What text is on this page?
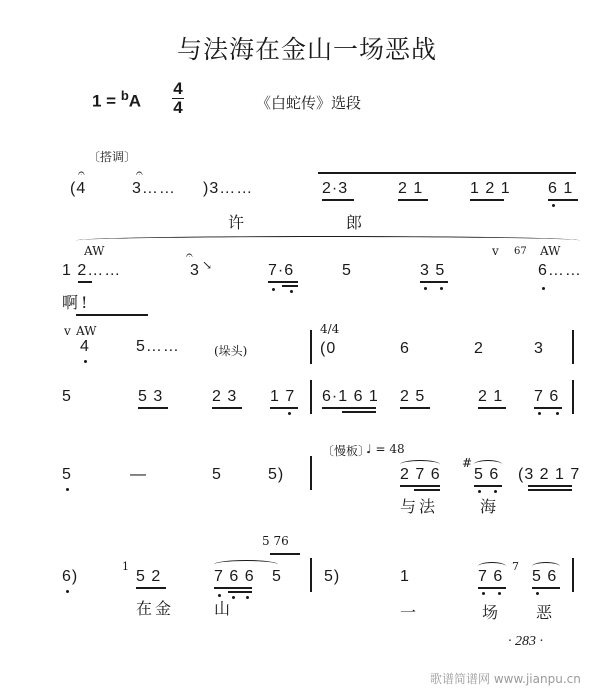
与法海在金山一场恶战
1 = $^b$A
4
4	《白蛇传》选段
〔搭调〕
𝄐	𝄐
(4	3…… )3……	2·3	2 1	1 2 1 6 1
许	郎
AW	𝄐	v 67 AW
1 2……	3 ↘	7·6	5	3 5	6……
啊!
v AW	4/4
4	5……	(垛头)	(0	6	2	3
5	5 3	2 3 1 7 6·1 6 1 2 5	2 1 7 6
〔慢板〕
♩ = 48
#
5	—	5	5)	2 7 6 5 6 (3 2 1 7
与法	海
5 76
1	7
6)	5 2	7 6 6 5	5)	1	7 6 5 6
在金 山	一	场 恶
· 283 ·
歌谱简谱网 www.jianpu.cn
